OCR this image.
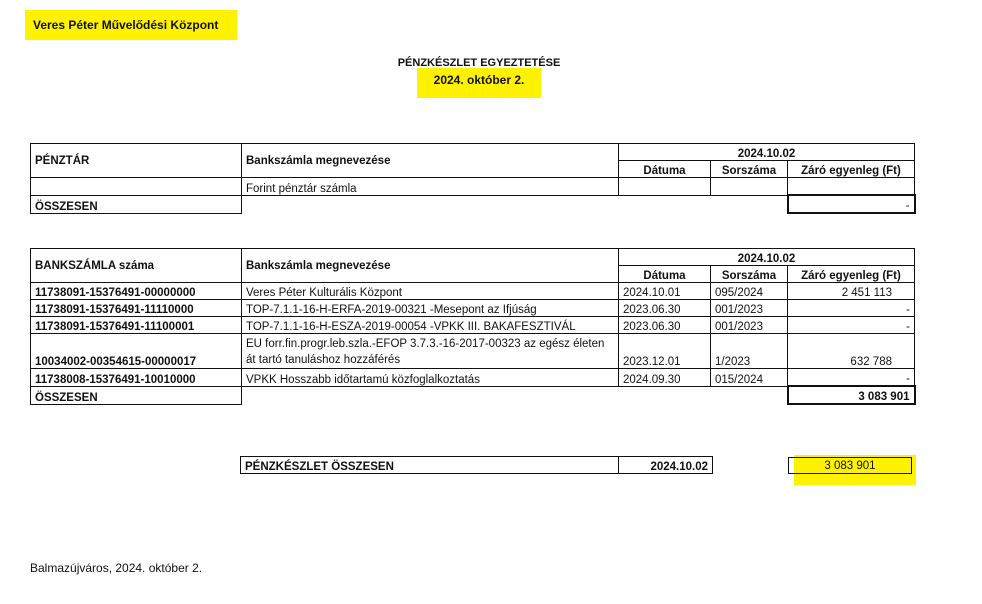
Veres Péter Művelődési Központ
PÉNZKÉSZLET EGYEZTETÉSE
2024. október 2.
PÉNZTÁR	Bankszámla megnevezése	2024.10.02		
		Dátuma	Sorszáma	Záró egyenleg (Ft)
	Forint pénztár számla			
ÖSSZESEN				-
BANKSZÁMLA száma	Bankszámla megnevezése	2024.10.02		
		Dátuma	Sorszáma	Záró egyenleg (Ft)
11738091-15376491-00000000	Veres Péter Kulturális Központ	2024.10.01	095/2024	2 451 113
11738091-15376491-11110000	TOP-7.1.1-16-H-ERFA-2019-00321 -Mesepont az Ifjúság	2023.06.30	001/2023	-
11738091-15376491-11100001	TOP-7.1.1-16-H-ESZA-2019-00054 -VPKK III. BAKAFESZTIVÁL	2023.06.30	001/2023	-
10034002-00354615-00000017	EU forr.fin.progr.leb.szla.-EFOP 3.7.3.-16-2017-00323 az egész életen
át tartó tanuláshoz hozzáférés	2023.12.01	1/2023	632 788
11738008-15376491-10010000	VPKK Hosszabb időtartamú közfoglalkoztatás	2024.09.30	015/2024	-
ÖSSZESEN				3 083 901
PÉNZKÉSZLET ÖSSZESEN	2024.10.02	3 083 901
Balmazújváros, 2024. október 2.
